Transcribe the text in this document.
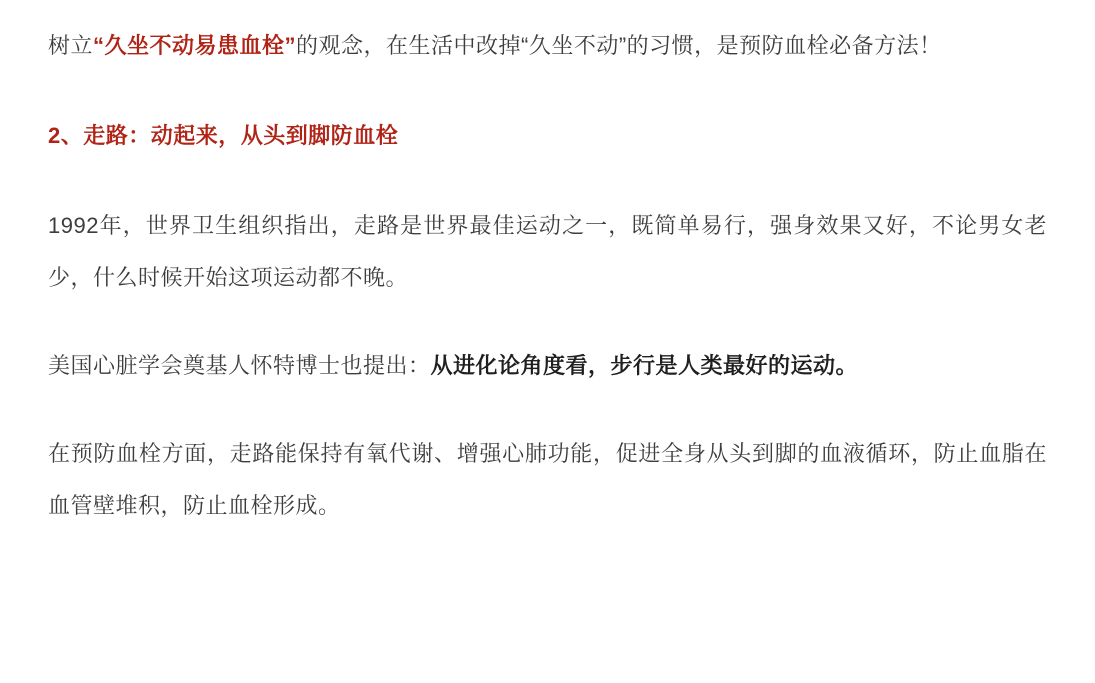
树立“久坐不动易患血栓”的观念，在生活中改掉“久坐不动”的习惯，是预防血栓必备方法！

2、走路：动起来，从头到脚防血栓

1992年，世界卫生组织指出，走路是世界最佳运动之一，既简单易行，强身效果又好，不论男女老少，什么时候开始这项运动都不晚。

美国心脏学会奠基人怀特博士也提出：从进化论角度看，步行是人类最好的运动。

在预防血栓方面，走路能保持有氧代谢、增强心肺功能，促进全身从头到脚的血液循环，防止血脂在血管壁堆积，防止血栓形成。
